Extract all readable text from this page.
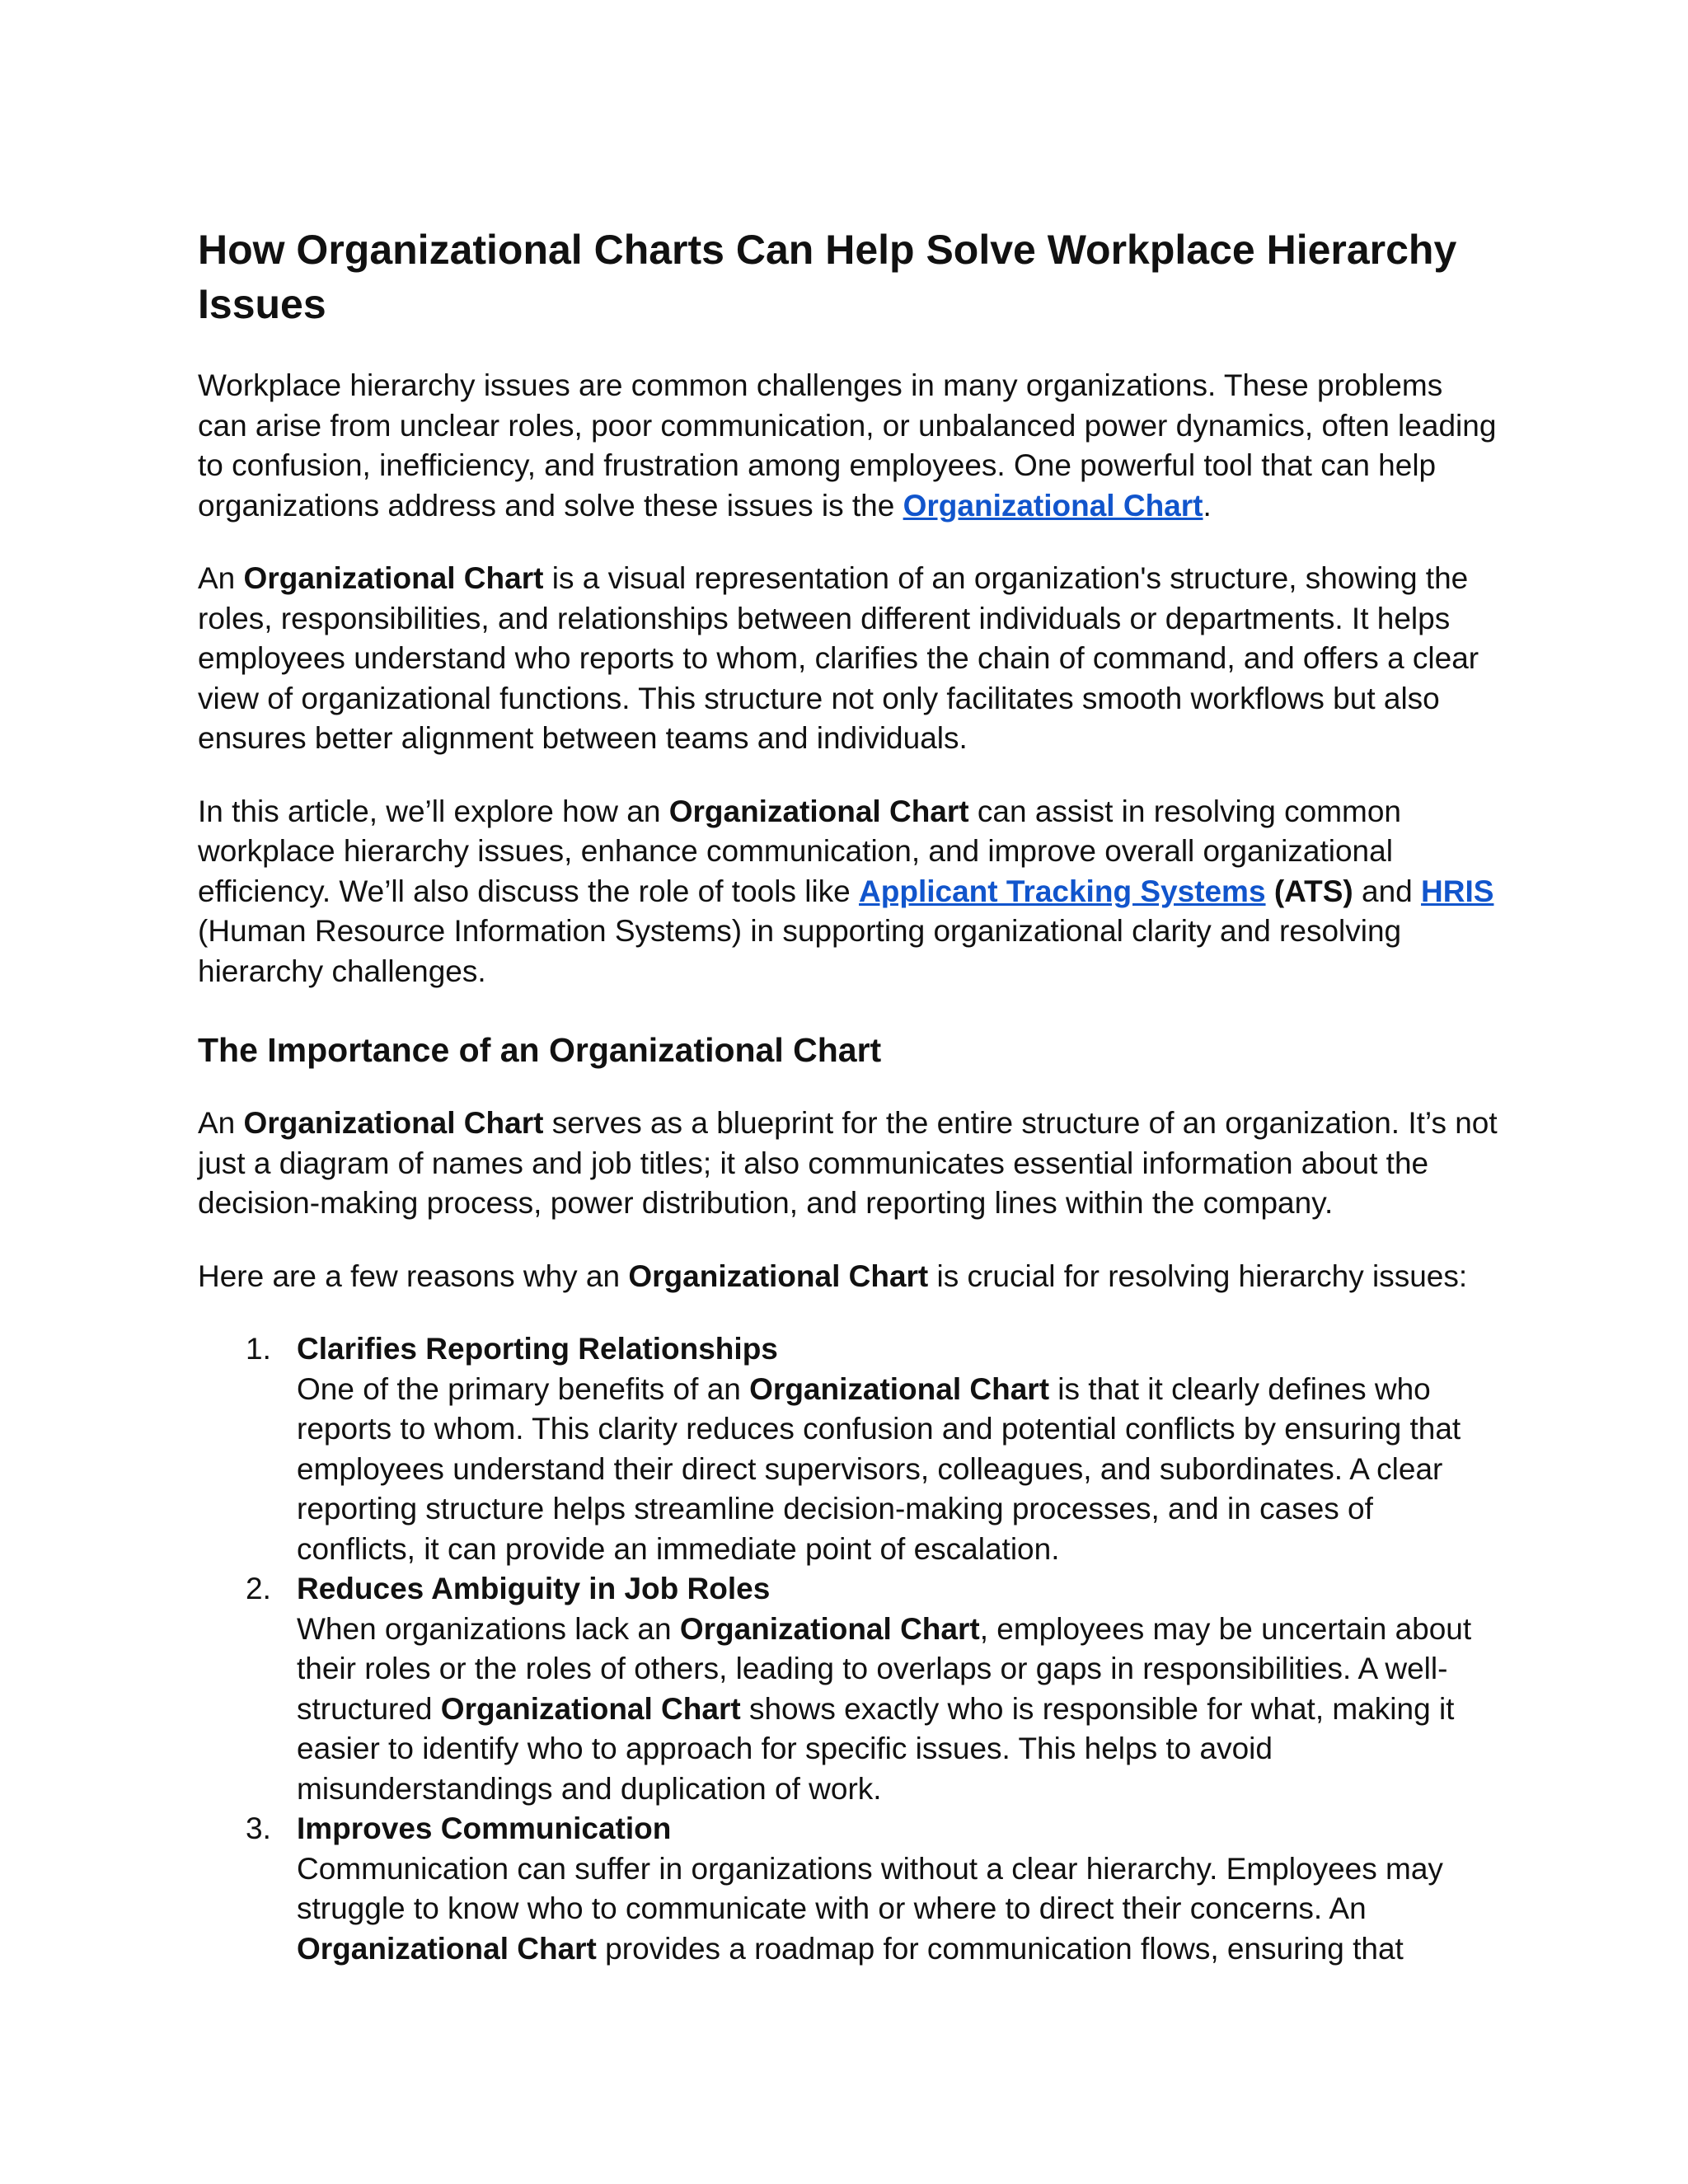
How Organizational Charts Can Help Solve Workplace Hierarchy Issues

Workplace hierarchy issues are common challenges in many organizations. These problems can arise from unclear roles, poor communication, or unbalanced power dynamics, often leading to confusion, inefficiency, and frustration among employees. One powerful tool that can help organizations address and solve these issues is the Organizational Chart.

An Organizational Chart is a visual representation of an organization's structure, showing the roles, responsibilities, and relationships between different individuals or departments. It helps employees understand who reports to whom, clarifies the chain of command, and offers a clear view of organizational functions. This structure not only facilitates smooth workflows but also ensures better alignment between teams and individuals.

In this article, we’ll explore how an Organizational Chart can assist in resolving common workplace hierarchy issues, enhance communication, and improve overall organizational efficiency. We’ll also discuss the role of tools like Applicant Tracking Systems (ATS) and HRIS (Human Resource Information Systems) in supporting organizational clarity and resolving hierarchy challenges.

The Importance of an Organizational Chart

An Organizational Chart serves as a blueprint for the entire structure of an organization. It’s not just a diagram of names and job titles; it also communicates essential information about the decision-making process, power distribution, and reporting lines within the company.

Here are a few reasons why an Organizational Chart is crucial for resolving hierarchy issues:

1. Clarifies Reporting Relationships
One of the primary benefits of an Organizational Chart is that it clearly defines who reports to whom. This clarity reduces confusion and potential conflicts by ensuring that employees understand their direct supervisors, colleagues, and subordinates. A clear reporting structure helps streamline decision-making processes, and in cases of conflicts, it can provide an immediate point of escalation.
2. Reduces Ambiguity in Job Roles
When organizations lack an Organizational Chart, employees may be uncertain about their roles or the roles of others, leading to overlaps or gaps in responsibilities. A well-structured Organizational Chart shows exactly who is responsible for what, making it easier to identify who to approach for specific issues. This helps to avoid misunderstandings and duplication of work.
3. Improves Communication
Communication can suffer in organizations without a clear hierarchy. Employees may struggle to know who to communicate with or where to direct their concerns. An Organizational Chart provides a roadmap for communication flows, ensuring that
